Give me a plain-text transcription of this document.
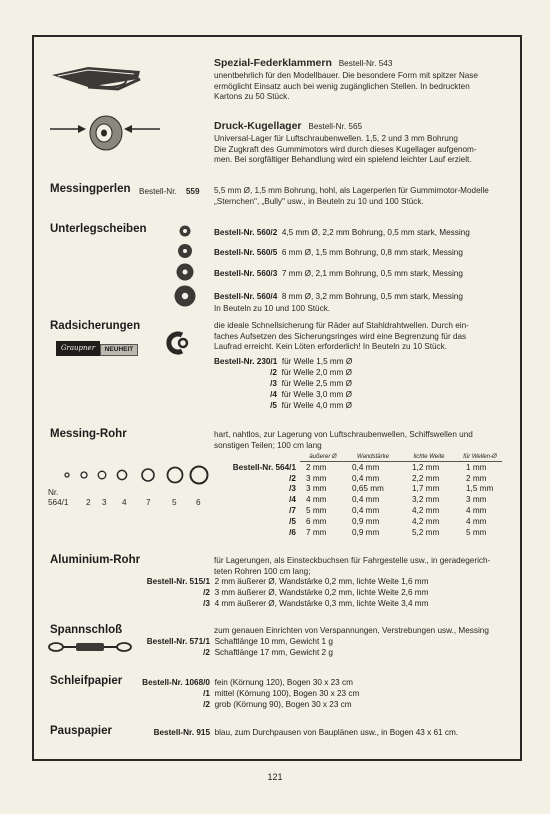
Spezial-Federklammern Bestell-Nr. 543
unentbehrlich für den Modellbauer. Die besondere Form mit spitzer Nase
ermöglicht Einsatz auch bei wenig zugänglichen Stellen. In bedruckten
Kartons zu 50 Stück.
Druck-Kugellager Bestell-Nr. 565
Universal-Lager für Luftschraubenwellen. 1,5, 2 und 3 mm Bohrung
Die Zugkraft des Gummimotors wird durch dieses Kugellager aufgenom-
men. Bei sorgfältiger Behandlung wird ein spielend leichter Lauf erzielt.
Messingperlen Bestell-Nr. 559 5,5 mm Ø, 1,5 mm Bohrung, hohl, als Lagerperlen für Gummimotor-Modelle
„Sternchen", „Bully" usw., in Beuteln zu 10 und 100 Stück.
Unterlegscheiben	Bestell-Nr. 560/2 4,5 mm Ø, 2,2 mm Bohrung, 0,5 mm stark, Messing
Bestell-Nr. 560/5 6 mm Ø, 1,5 mm Bohrung, 0,8 mm stark, Messing
Bestell-Nr. 560/3 7 mm Ø, 2,1 mm Bohrung, 0,5 mm stark, Messing
Bestell-Nr. 560/4 8 mm Ø, 3,2 mm Bohrung, 0,5 mm stark, Messing
In Beuteln zu 10 und 100 Stück.
Radsicherungen
Graupner	NEUHEIT
die ideale Schnellsicherung für Räder auf Stahldrahtwellen. Durch ein-
faches Aufsetzen des Sicherungsringes wird eine Begrenzung für das
Laufrad erreicht. Kein Löten erforderlich! In Beuteln zu 10 Stück.
Bestell-Nr. 230/1 für Welle 1,5 mm Ø
/2 für Welle 2,0 mm Ø
/3 für Welle 2,5 mm Ø
/4 für Welle 3,0 mm Ø
/5 für Welle 4,0 mm Ø
Messing-Rohr
Nr.
564/1 2 3 4 7	5 6
hart, nahtlos, zur Lagerung von Luftschraubenwellen, Schiffswellen und
sonstigen Teilen; 100 cm lang
	äußerer Ø	Wandstärke	lichte Weite	für Wellen-Ø
Bestell-Nr. 564/1	2 mm	0,4 mm	1,2 mm	1 mm
/2	3 mm	0,4 mm	2,2 mm	2 mm
/3	3 mm	0,65 mm	1,7 mm	1,5 mm
/4	4 mm	0,4 mm	3,2 mm	3 mm
/7	5 mm	0,4 mm	4,2 mm	4 mm
/5	6 mm	0,9 mm	4,2 mm	4 mm
/6	7 mm	0,9 mm	5,2 mm	5 mm
Aluminium-Rohr	für Lagerungen, als Einsteckbuchsen für Fahrgestelle usw., in geradegerich-
teten Rohren 100 cm lang;
Bestell-Nr. 515/1 2 mm äußerer Ø, Wandstärke 0,2 mm, lichte Weite 1,6 mm
/2 3 mm äußerer Ø, Wandstärke 0,2 mm, lichte Weite 2,6 mm
/3 4 mm äußerer Ø, Wandstärke 0,3 mm, lichte Weite 3,4 mm
Spannschloß	zum genauen Einrichten von Verspannungen, Verstrebungen usw., Messing
Bestell-Nr. 571/1 Schaftlänge 10 mm, Gewicht 1 g
/2 Schaftlänge 17 mm, Gewicht 2 g
Schleifpapier	Bestell-Nr. 1068/0 fein (Körnung 120), Bogen 30 x 23 cm
/1 mittel (Körnung 100), Bogen 30 x 23 cm
/2 grob (Körnung 90), Bogen 30 x 23 cm
Pauspapier	Bestell-Nr. 915 blau, zum Durchpausen von Bauplänen usw., in Bogen 43 x 61 cm.
121
